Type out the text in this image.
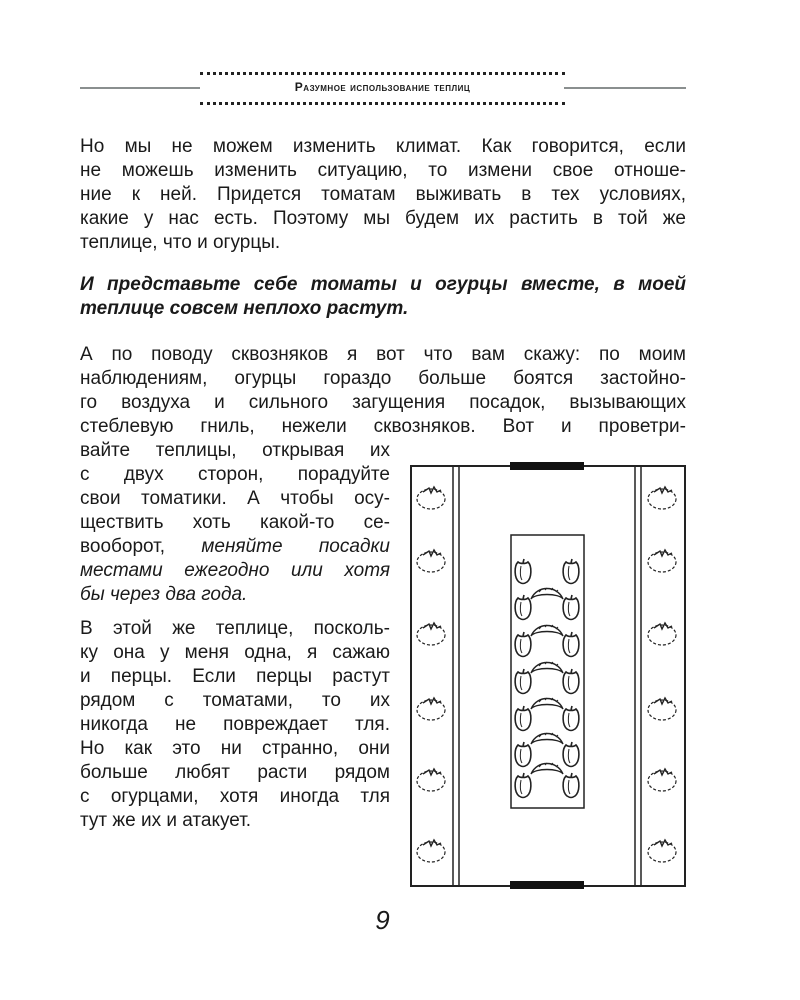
Разумное использование теплиц

Но мы не можем изменить климат. Как говорится, если
не можешь изменить ситуацию, то измени свое отноше-
ние к ней. Придется томатам выживать в тех условиях,
какие у нас есть. Поэтому мы будем их растить в той же
теплице, что и огурцы.

И представьте себе томаты и огурцы вместе, в моей
теплице совсем неплохо растут.

А по поводу сквозняков я вот что вам скажу: по моим
наблюдениям, огурцы гораздо больше боятся застойно-
го воздуха и сильного загущения посадок, вызывающих
стеблевую гниль, нежели сквозняков. Вот и проветри-

вайте теплицы, открывая их
с двух сторон, порадуйте
свои томатики. А чтобы осу-
ществить хоть какой-то се-
вооборот, меняйте посадки
местами ежегодно или хотя
бы через два года.

В этой же теплице, посколь-
ку она у меня одна, я сажаю
и перцы. Если перцы растут
рядом с томатами, то их
никогда не повреждает тля.
Но как это ни странно, они
больше любят расти рядом
с огурцами, хотя иногда тля
тут же их и атакует.

9
